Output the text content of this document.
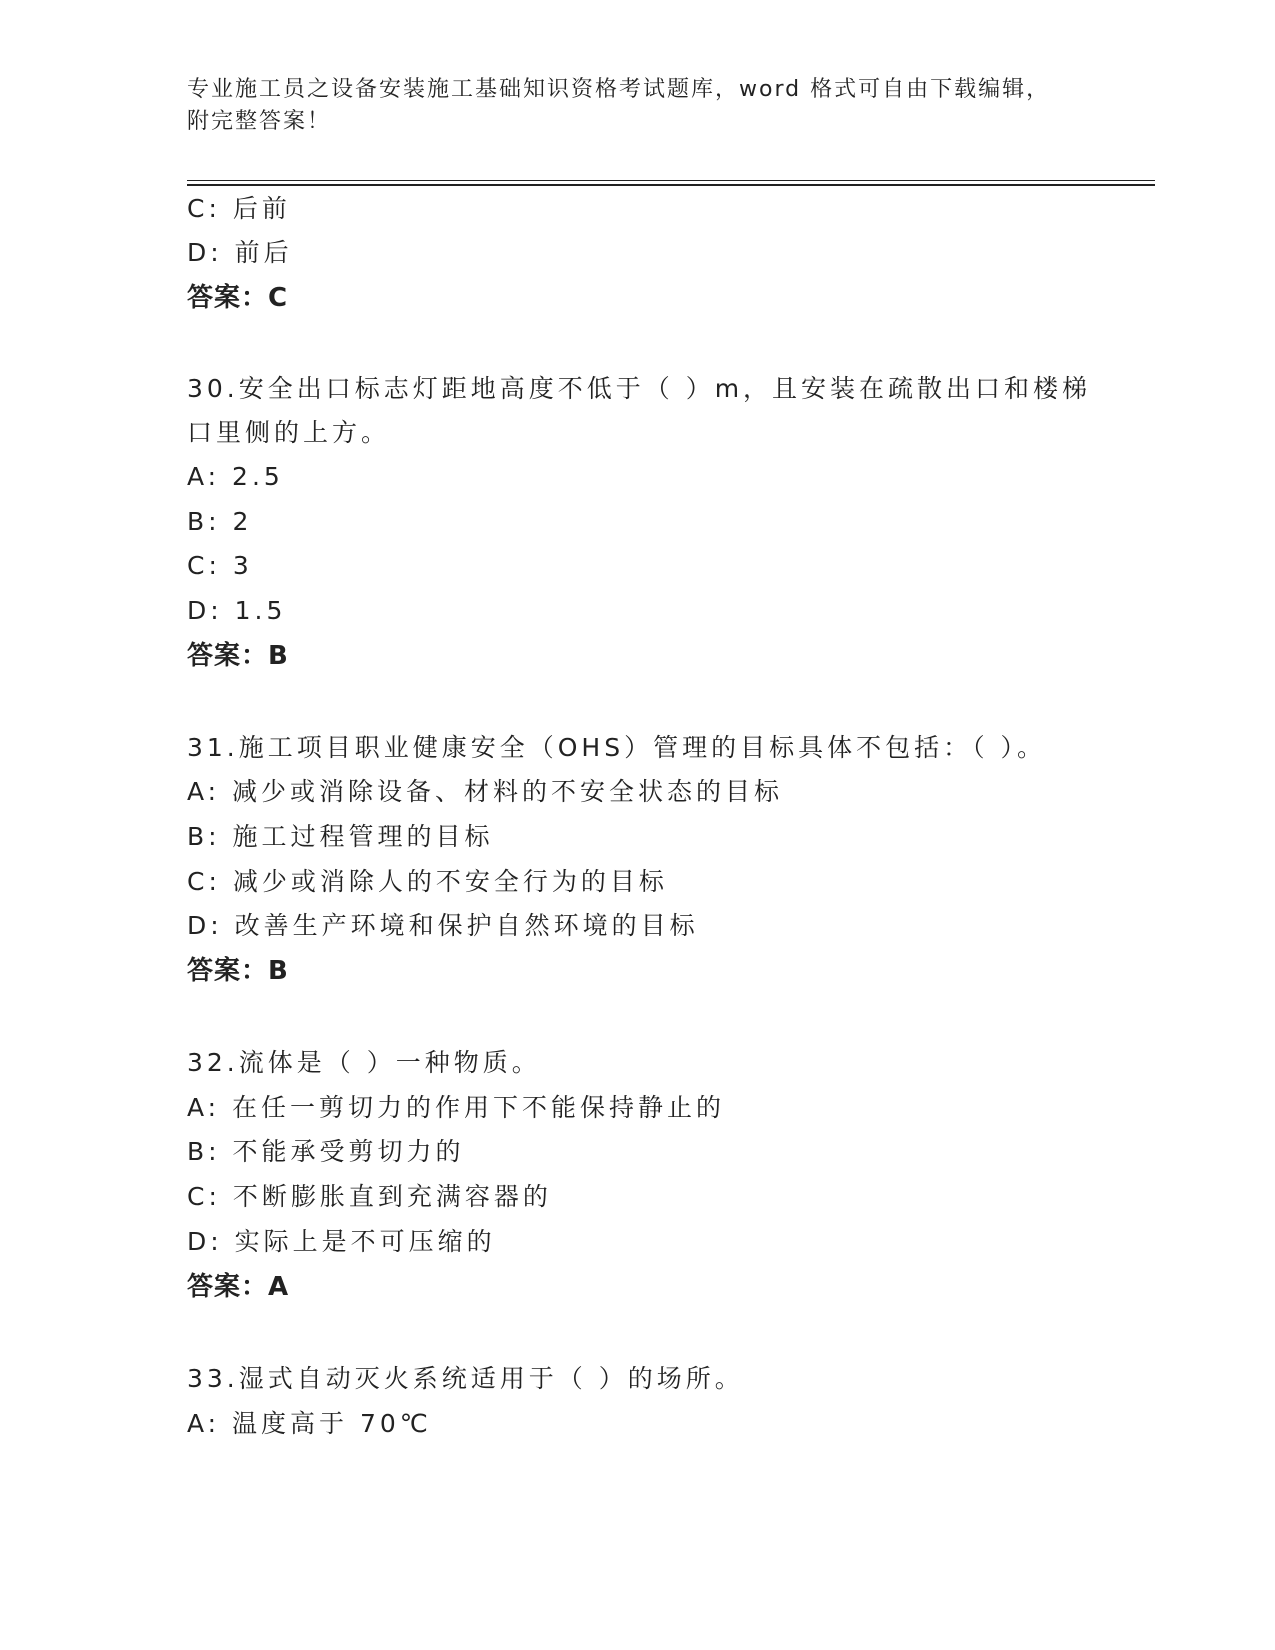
专业施工员之设备安装施工基础知识资格考试题库，word 格式可自由下载编辑，
附完整答案！
C: 后前
D: 前后
答案：C
30.安全出口标志灯距地高度不低于（ ）m，且安装在疏散出口和楼梯
口里侧的上方。
A: 2.5
B: 2
C: 3
D: 1.5
答案：B
31.施工项目职业健康安全（OHS）管理的目标具体不包括：（ ）。
A: 减少或消除设备、材料的不安全状态的目标
B: 施工过程管理的目标
C: 减少或消除人的不安全行为的目标
D: 改善生产环境和保护自然环境的目标
答案：B
32.流体是（ ）一种物质。
A: 在任一剪切力的作用下不能保持静止的
B: 不能承受剪切力的
C: 不断膨胀直到充满容器的
D: 实际上是不可压缩的
答案：A
33.湿式自动灭火系统适用于（ ）的场所。
A: 温度高于 70℃
